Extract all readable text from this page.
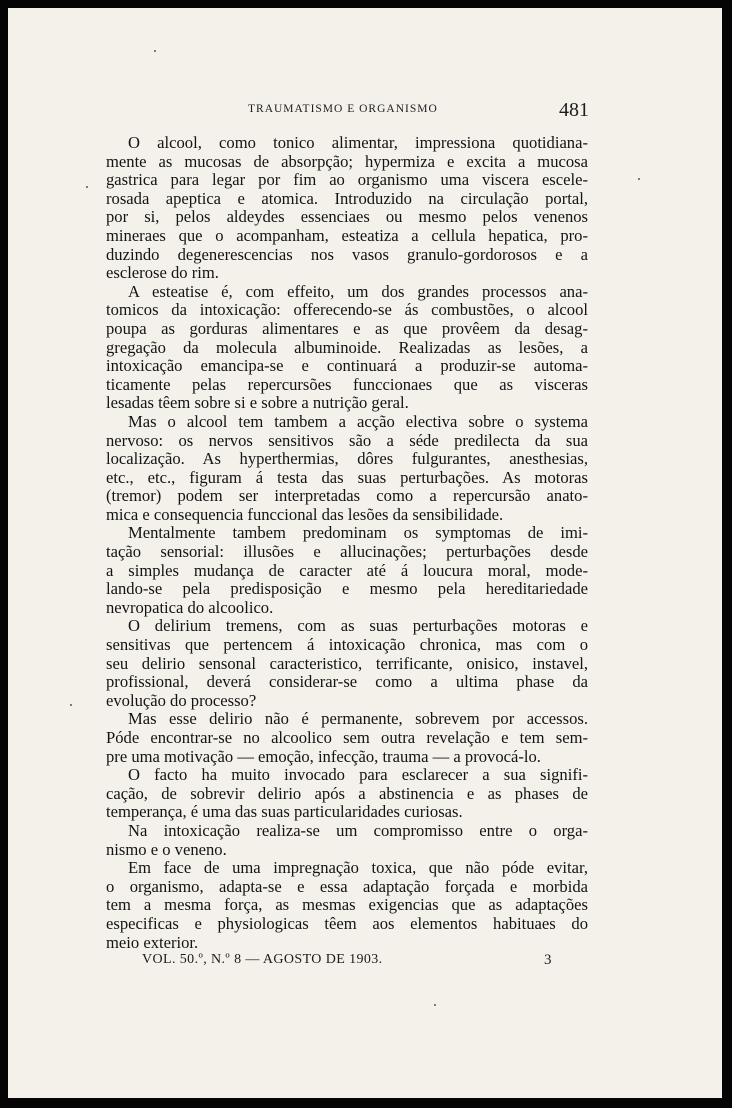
TRAUMATISMO E ORGANISMO	481
O alcool, como tonico alimentar, impressiona quotidiana-
mente as mucosas de absorpção; hypermiza e excita a mucosa
gastrica para legar por fim ao organismo uma viscera escele-
rosada apeptica e atomica. Introduzido na circulação portal,
por si, pelos aldeydes essenciaes ou mesmo pelos venenos
mineraes que o acompanham, esteatiza a cellula hepatica, pro-
duzindo degenerescencias nos vasos granulo-gordorosos e a
esclerose do rim.
A esteatise é, com effeito, um dos grandes processos ana-
tomicos da intoxicação: offerecendo-se ás combustões, o alcool
poupa as gorduras alimentares e as que provêem da desag-
gregação da molecula albuminoide. Realizadas as lesões, a
intoxicação emancipa-se e continuará a produzir-se automa-
ticamente pelas repercursões funccionaes que as visceras
lesadas têem sobre si e sobre a nutrição geral.
Mas o alcool tem tambem a acção electiva sobre o systema
nervoso: os nervos sensitivos são a séde predilecta da sua
localização. As hyperthermias, dôres fulgurantes, anesthesias,
etc., etc., figuram á testa das suas perturbações. As motoras
(tremor) podem ser interpretadas como a repercursão anato-
mica e consequencia funccional das lesões da sensibilidade.
Mentalmente tambem predominam os symptomas de imi-
tação sensorial: illusões e allucinações; perturbações desde
a simples mudança de caracter até á loucura moral, mode-
lando-se pela predisposição e mesmo pela hereditariedade
nevropatica do alcoolico.
O delirium tremens, com as suas perturbações motoras e
sensitivas que pertencem á intoxicação chronica, mas com o
seu delirio sensonal caracteristico, terrificante, onisico, instavel,
profissional, deverá considerar-se como a ultima phase da
evolução do processo?
Mas esse delirio não é permanente, sobrevem por accessos.
Póde encontrar-se no alcoolico sem outra revelação e tem sem-
pre uma motivação — emoção, infecção, trauma — a provocá-lo.
O facto ha muito invocado para esclarecer a sua signifi-
cação, de sobrevir delirio após a abstinencia e as phases de
temperança, é uma das suas particularidades curiosas.
Na intoxicação realiza-se um compromisso entre o orga-
nismo e o veneno.
Em face de uma impregnação toxica, que não póde evitar,
o organismo, adapta-se e essa adaptação forçada e morbida
tem a mesma força, as mesmas exigencias que as adaptações
especificas e physiologicas têem aos elementos habituaes do
meio exterior.
VOL. 50.º, N.º 8 — AGOSTO DE 1903.	3
